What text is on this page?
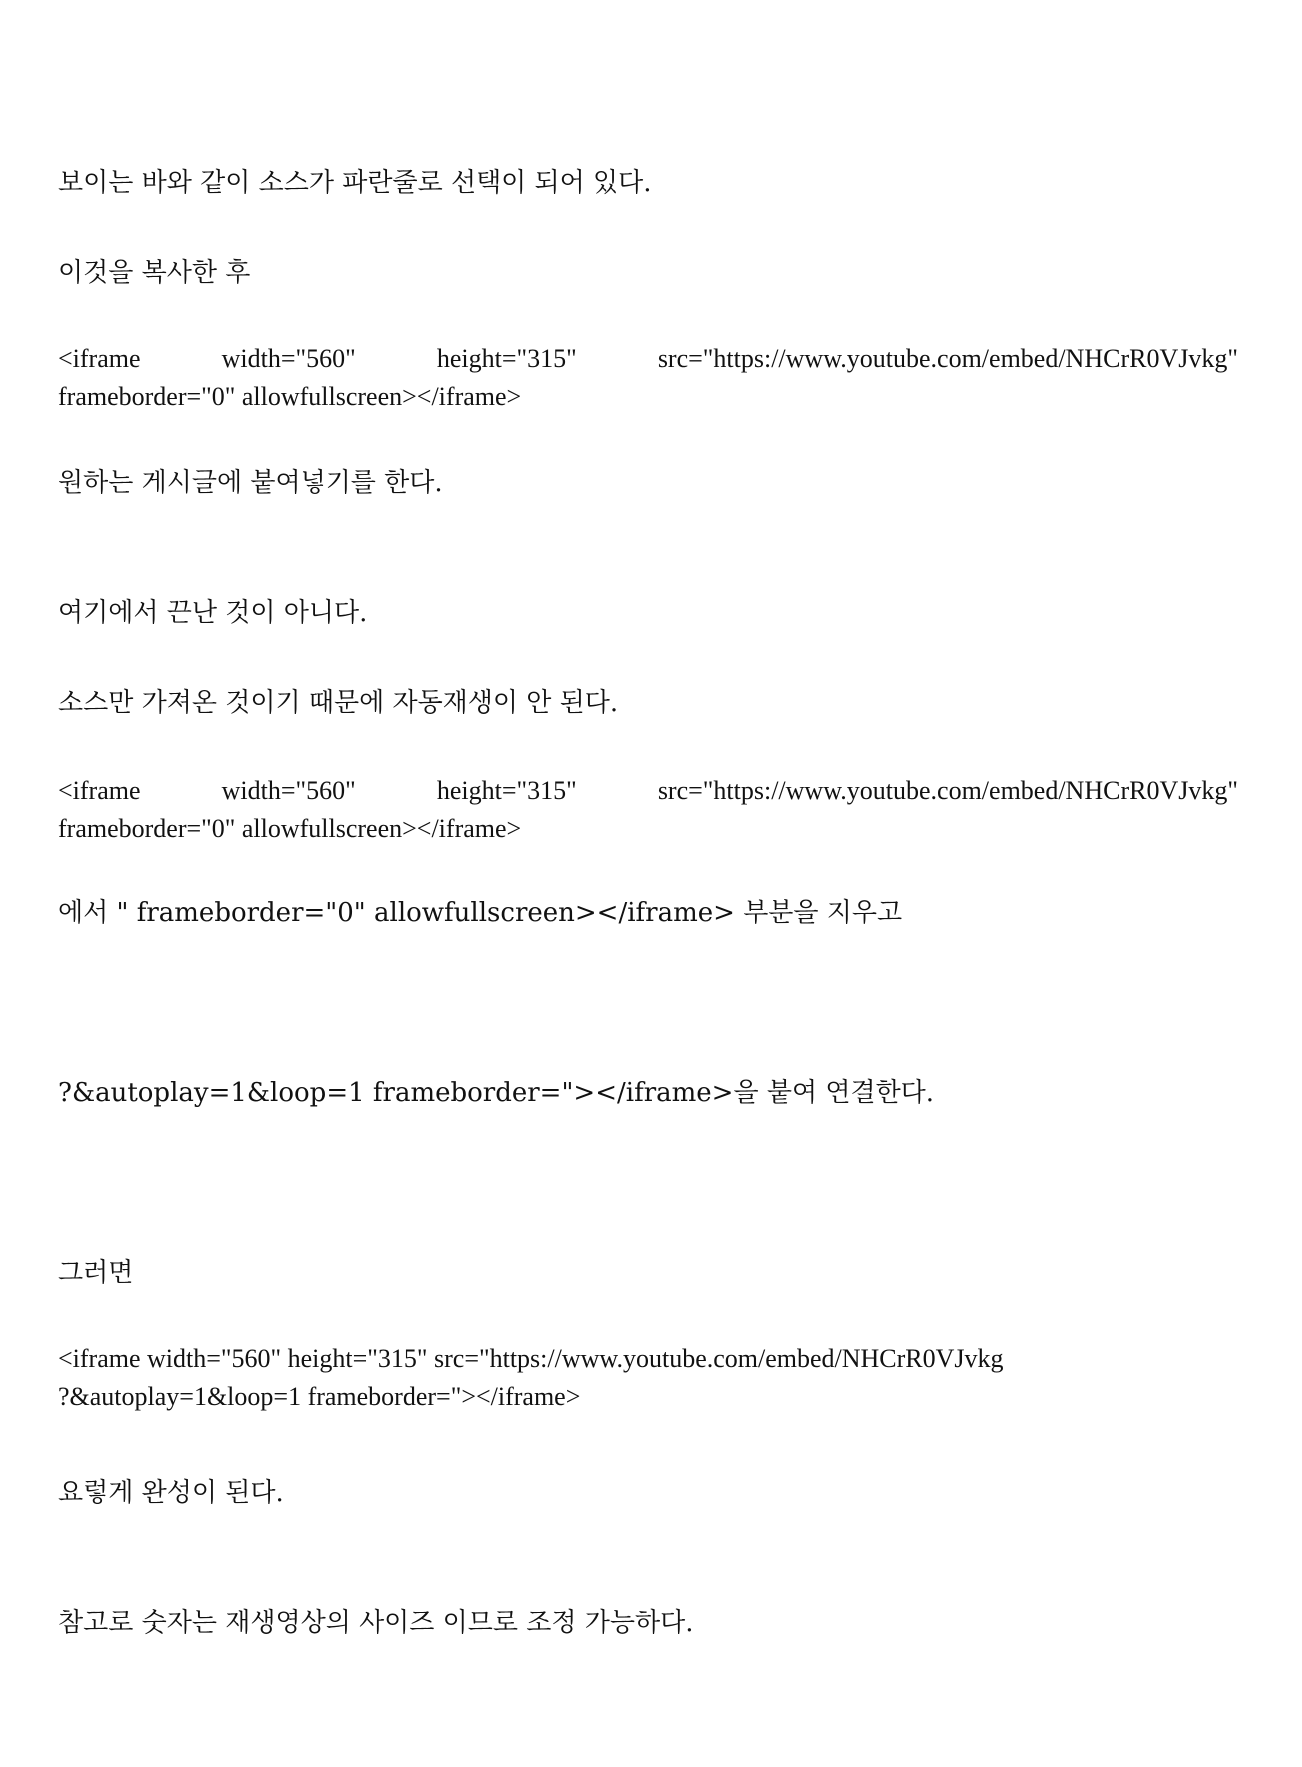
보이는 바와 같이 소스가 파란줄로 선택이 되어 있다.
이것을 복사한 후
<iframe	width="560"	height="315"	src="https://www.youtube.com/embed/NHCrR0VJvkg"
frameborder="0" allowfullscreen></iframe>
원하는 게시글에 붙여넣기를 한다.
여기에서 끈난 것이 아니다.
소스만 가져온 것이기 때문에 자동재생이 안 된다.
<iframe	width="560"	height="315"	src="https://www.youtube.com/embed/NHCrR0VJvkg"
frameborder="0" allowfullscreen></iframe>
에서 " frameborder="0" allowfullscreen></iframe> 부분을 지우고
?&autoplay=1&loop=1 frameborder="></iframe>을 붙여 연결한다.
그러면
<iframe width="560" height="315" src="https://www.youtube.com/embed/NHCrR0VJvkg
?&autoplay=1&loop=1 frameborder="></iframe>
요렇게 완성이 된다.
참고로 숫자는 재생영상의 사이즈 이므로 조정 가능하다.
